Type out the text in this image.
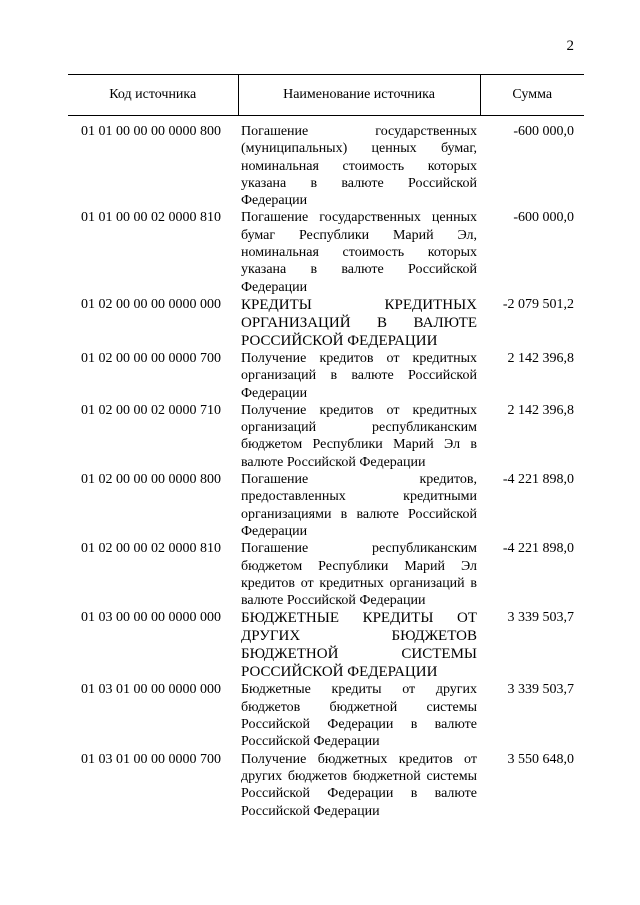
2
Код источника	Наименование источника	Сумма
01 01 00 00 00 0000 800	Погашение государственных (муниципальных) ценных бумаг, номинальная стоимость которых указана в валюте Российской Федерации	-600 000,0
01 01 00 00 02 0000 810	Погашение государственных ценных бумаг Республики Марий Эл, номинальная стоимость которых указана в валюте Российской Федерации	-600 000,0
01 02 00 00 00 0000 000	КРЕДИТЫ КРЕДИТНЫХ ОРГАНИЗАЦИЙ В ВАЛЮТЕ РОССИЙСКОЙ ФЕДЕРАЦИИ	-2 079 501,2
01 02 00 00 00 0000 700	Получение кредитов от кредитных организаций в валюте Российской Федерации	2 142 396,8
01 02 00 00 02 0000 710	Получение кредитов от кредитных организаций республиканским бюджетом Республики Марий Эл в валюте Российской Федерации	2 142 396,8
01 02 00 00 00 0000 800	Погашение кредитов, предоставленных кредитными организациями в валюте Российской Федерации	-4 221 898,0
01 02 00 00 02 0000 810	Погашение республиканским бюджетом Республики Марий Эл кредитов от кредитных организаций в валюте Российской Федерации	-4 221 898,0
01 03 00 00 00 0000 000	БЮДЖЕТНЫЕ КРЕДИТЫ ОТ ДРУГИХ БЮДЖЕТОВ БЮДЖЕТНОЙ СИСТЕМЫ РОССИЙСКОЙ ФЕДЕРАЦИИ	3 339 503,7
01 03 01 00 00 0000 000	Бюджетные кредиты от других бюджетов бюджетной системы Российской Федерации в валюте Российской Федерации	3 339 503,7
01 03 01 00 00 0000 700	Получение бюджетных кредитов от других бюджетов бюджетной системы Российской Федерации в валюте Российской Федерации	3 550 648,0
